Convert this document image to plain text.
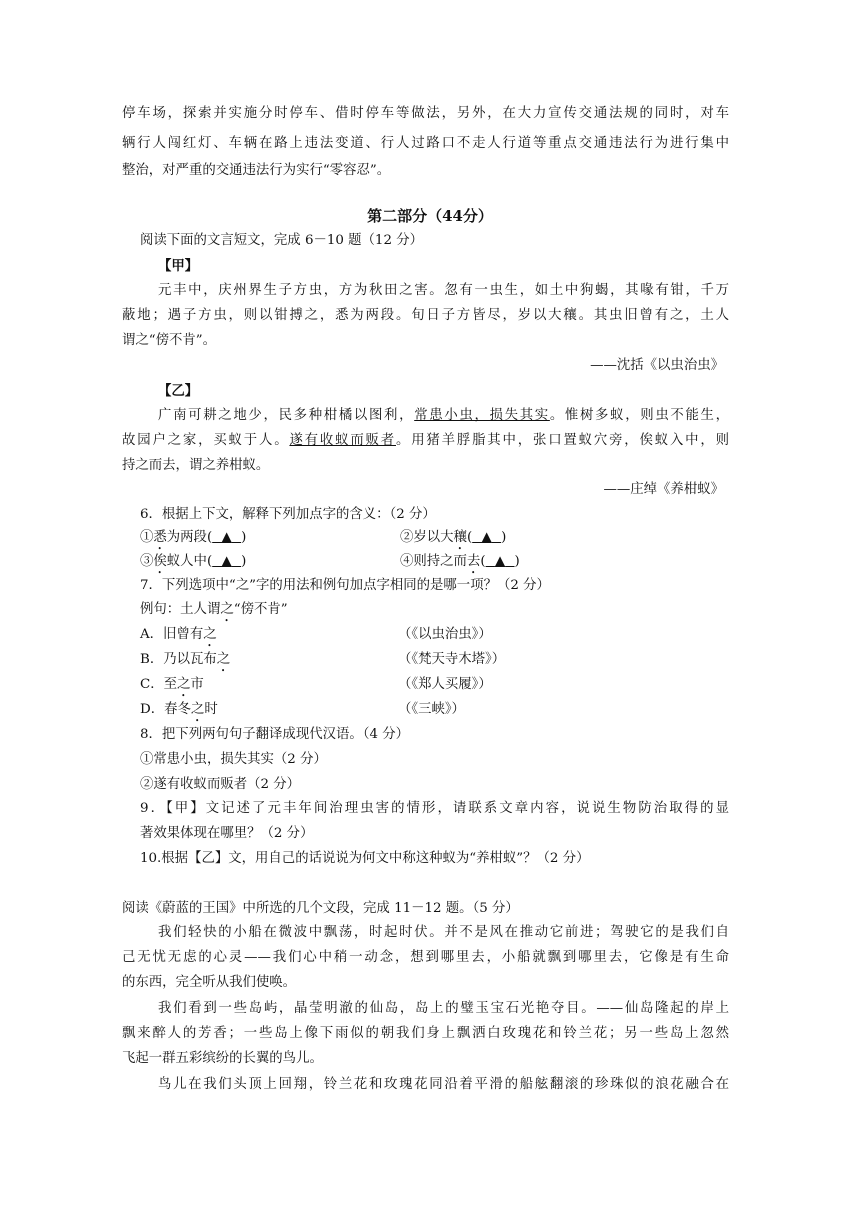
停车场，探索并实施分时停车、借时停车等做法，另外，在大力宣传交通法规的同时，对车
辆行人闯红灯、车辆在路上违法变道、行人过路口不走人行道等重点交通违法行为进行集中
整治，对严重的交通违法行为实行“零容忍”。
第二部分（44分）
阅读下面的文言短文，完成 6－10 题（12 分）
【甲】
元丰中，庆州界生子方虫，方为秋田之害。忽有一虫生，如土中狗蝎，其喙有钳，千万
蔽地；遇子方虫，则以钳搏之，悉为两段。旬日子方皆尽，岁以大穰。其虫旧曾有之，土人
谓之“傍不肯”。
——沈括《以虫治虫》
【乙】
广南可耕之地少，民多种柑橘以图利，常患小虫，损失其实。惟树多蚁，则虫不能生，
故园户之家，买蚁于人。遂有收蚁而贩者。用猪羊脬脂其中，张口置蚁穴旁，俟蚁入中，则
持之而去，谓之养柑蚁。
——庄绰《养柑蚁》
6．根据上下文，解释下列加点字的含义：（2 分）
①悉为两段( ▲ )	②岁以大穰( ▲ )
③俟蚁人中( ▲ )	④则持之而去( ▲ )
7．下列选项中“之”字的用法和例句加点字相同的是哪一项？（2 分）
例句：土人谓之“傍不肯”
A．旧曾有之	（《以虫治虫》）
B．乃以瓦布之	（《梵天寺木塔》）
C．至之市	（《郑人买履》）
D．春冬之时	（《三峡》）
8．把下列两句句子翻译成现代汉语。（4 分）
①常患小虫，损失其实（2 分）
②遂有收蚁而贩者（2 分）
9．【甲】文记述了元丰年间治理虫害的情形，请联系文章内容，说说生物防治取得的显
著效果体现在哪里？（2 分）
10.根据【乙】文，用自己的话说说为何文中称这种蚁为“养柑蚁”？（2 分）
阅读《蔚蓝的王国》中所选的几个文段，完成 11－12 题。（5 分）
我们轻快的小船在微波中飘荡，时起时伏。并不是风在推动它前进；驾驶它的是我们自
己无忧无虑的心灵——我们心中稍一动念，想到哪里去，小船就飘到哪里去，它像是有生命
的东西，完全听从我们使唤。
我们看到一些岛屿，晶莹明澈的仙岛，岛上的璧玉宝石光艳夺目。——仙岛隆起的岸上
飘来醉人的芳香；一些岛上像下雨似的朝我们身上飘洒白玫瑰花和铃兰花；另一些岛上忽然
飞起一群五彩缤纷的长翼的鸟儿。
鸟儿在我们头顶上回翔，铃兰花和玫瑰花同沿着平滑的船舷翻滚的珍珠似的浪花融合在
